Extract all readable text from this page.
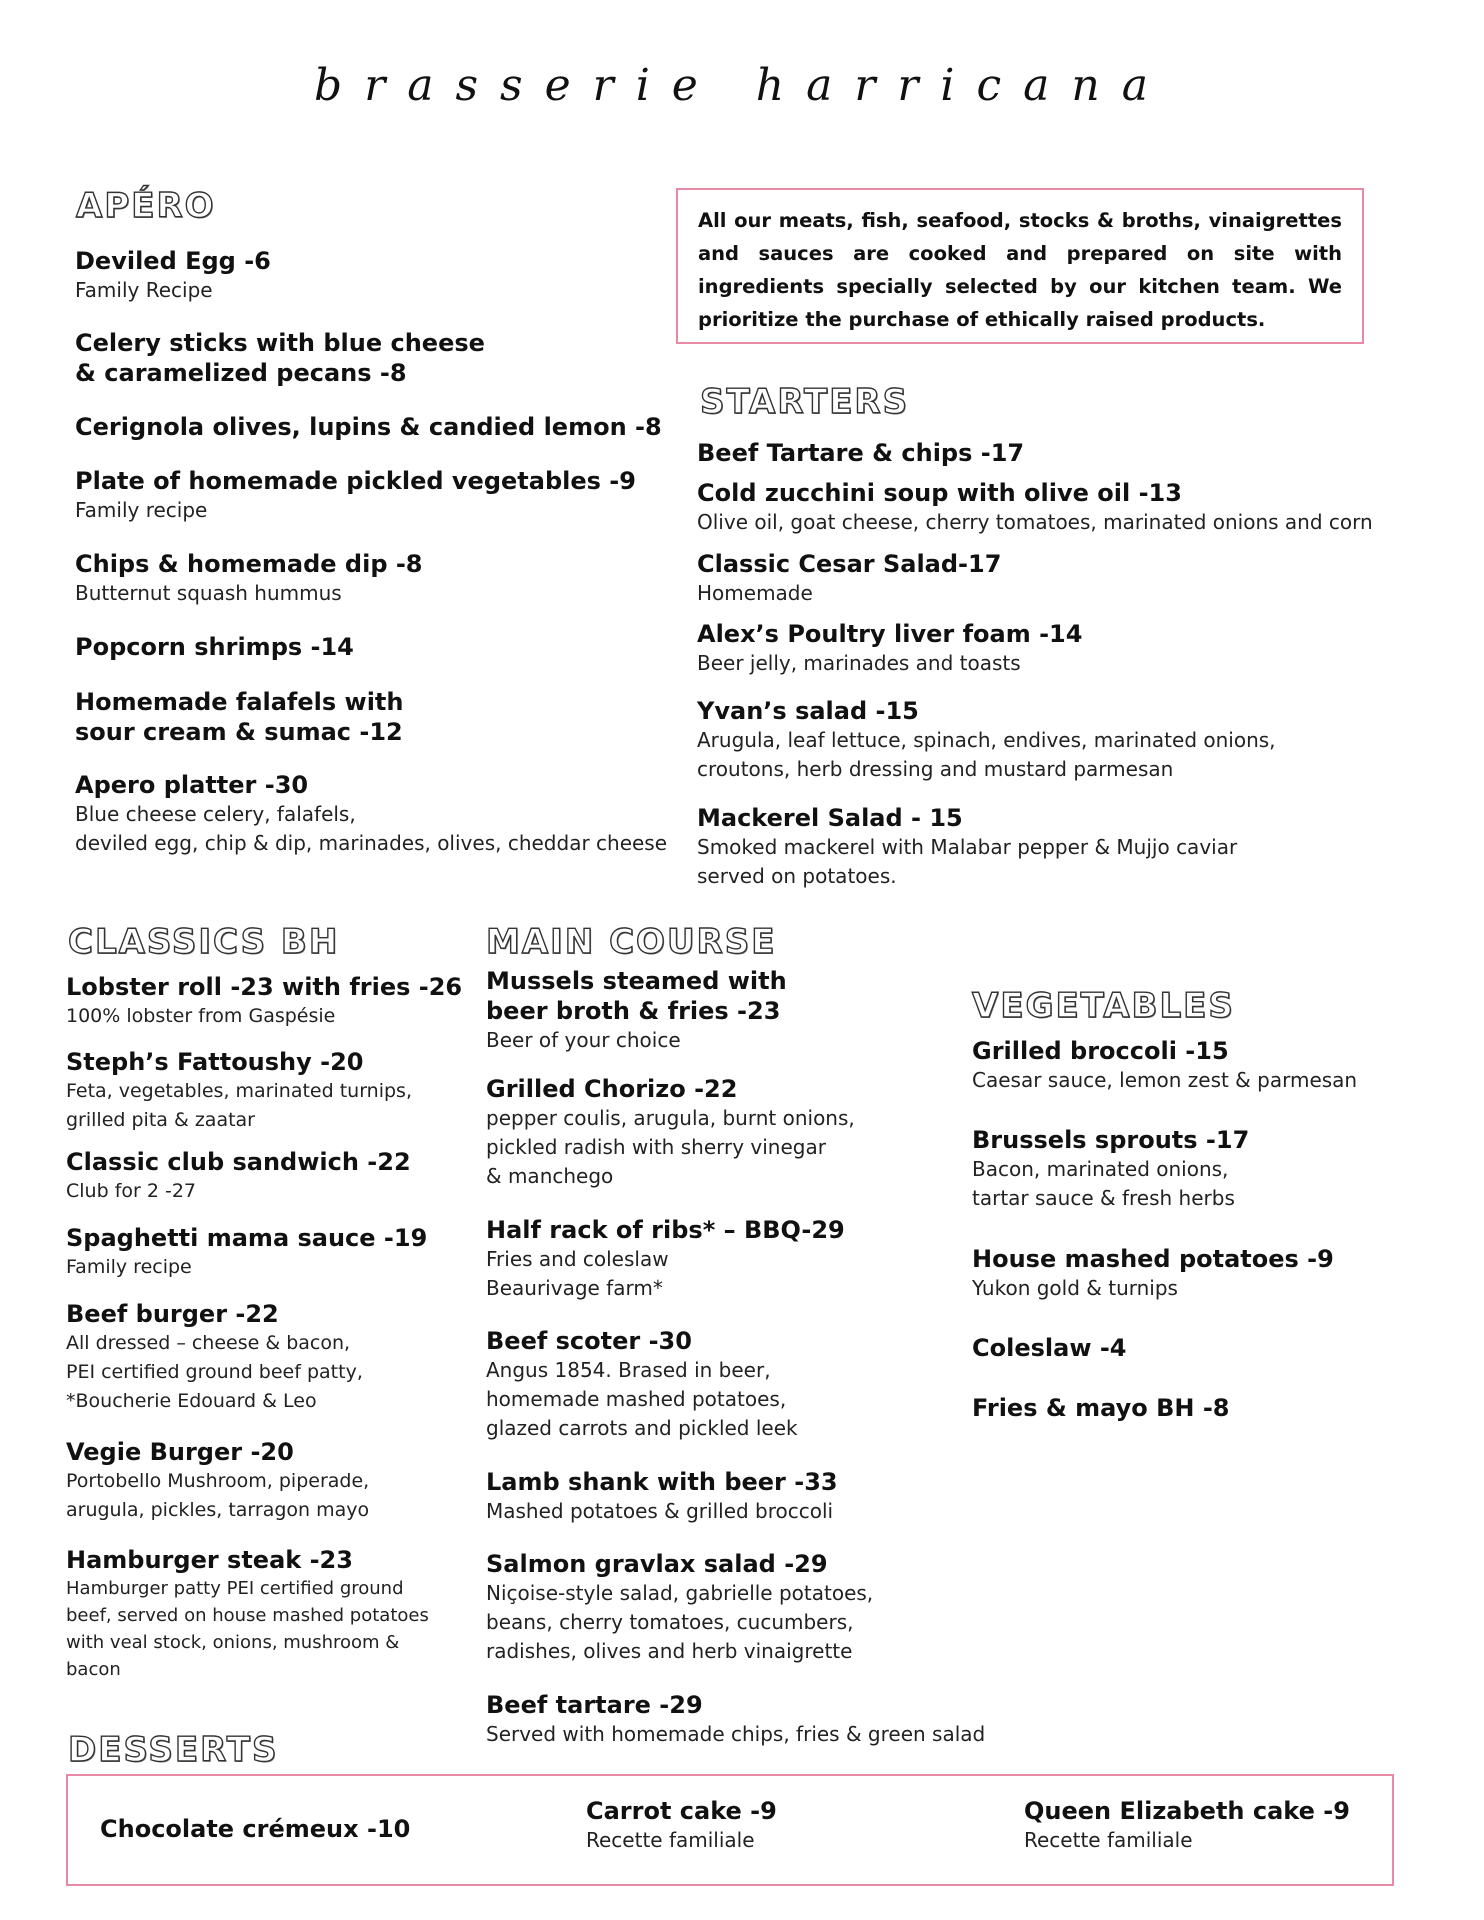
brasserie harricana
APÉRO
Deviled Egg -6
Family Recipe
Celery sticks with blue cheese
& caramelized pecans -8
Cerignola olives, lupins & candied lemon -8
Plate of homemade pickled vegetables -9
Family recipe
Chips & homemade dip -8
Butternut squash hummus
Popcorn shrimps -14
Homemade falafels with
sour cream & sumac -12
Apero platter -30
Blue cheese celery, falafels,
deviled egg, chip & dip, marinades, olives, cheddar cheese
All our meats, fish, seafood, stocks & broths, vinaigrettes and sauces are cooked and prepared on site with ingredients specially selected by our kitchen team. We prioritize the purchase of ethically raised products.
STARTERS
Beef Tartare & chips -17
Cold zucchini soup with olive oil -13
Olive oil, goat cheese, cherry tomatoes, marinated onions and corn
Classic Cesar Salad-17
Homemade
Alex’s Poultry liver foam -14
Beer jelly, marinades and toasts
Yvan’s salad -15
Arugula, leaf lettuce, spinach, endives, marinated onions,
croutons, herb dressing and mustard parmesan
Mackerel Salad - 15
Smoked mackerel with Malabar pepper & Mujjo caviar
served on potatoes.
CLASSICS BH
Lobster roll -23 with fries -26
100% lobster from Gaspésie
Steph’s Fattoushy -20
Feta, vegetables, marinated turnips,
grilled pita & zaatar
Classic club sandwich -22
Club for 2 -27
Spaghetti mama sauce -19
Family recipe
Beef burger -22
All dressed – cheese & bacon,
PEI certified ground beef patty,
*Boucherie Edouard & Leo
Vegie Burger -20
Portobello Mushroom, piperade,
arugula, pickles, tarragon mayo
Hamburger steak -23
Hamburger patty PEI certified ground
beef, served on house mashed potatoes
with veal stock, onions, mushroom &
bacon
MAIN COURSE
Mussels steamed with
beer broth & fries -23
Beer of your choice
Grilled Chorizo -22
pepper coulis, arugula, burnt onions,
pickled radish with sherry vinegar
& manchego
Half rack of ribs* – BBQ-29
Fries and coleslaw
Beaurivage farm*
Beef scoter -30
Angus 1854. Brased in beer,
homemade mashed potatoes,
glazed carrots and pickled leek
Lamb shank with beer -33
Mashed potatoes & grilled broccoli
Salmon gravlax salad -29
Niçoise-style salad, gabrielle potatoes,
beans, cherry tomatoes, cucumbers,
radishes, olives and herb vinaigrette
Beef tartare -29
Served with homemade chips, fries & green salad
VEGETABLES
Grilled broccoli -15
Caesar sauce, lemon zest & parmesan
Brussels sprouts -17
Bacon, marinated onions,
tartar sauce & fresh herbs
House mashed potatoes -9
Yukon gold & turnips
Coleslaw -4
Fries & mayo BH -8
DESSERTS
Chocolate crémeux -10
Carrot cake -9
Recette familiale
Queen Elizabeth cake -9
Recette familiale
